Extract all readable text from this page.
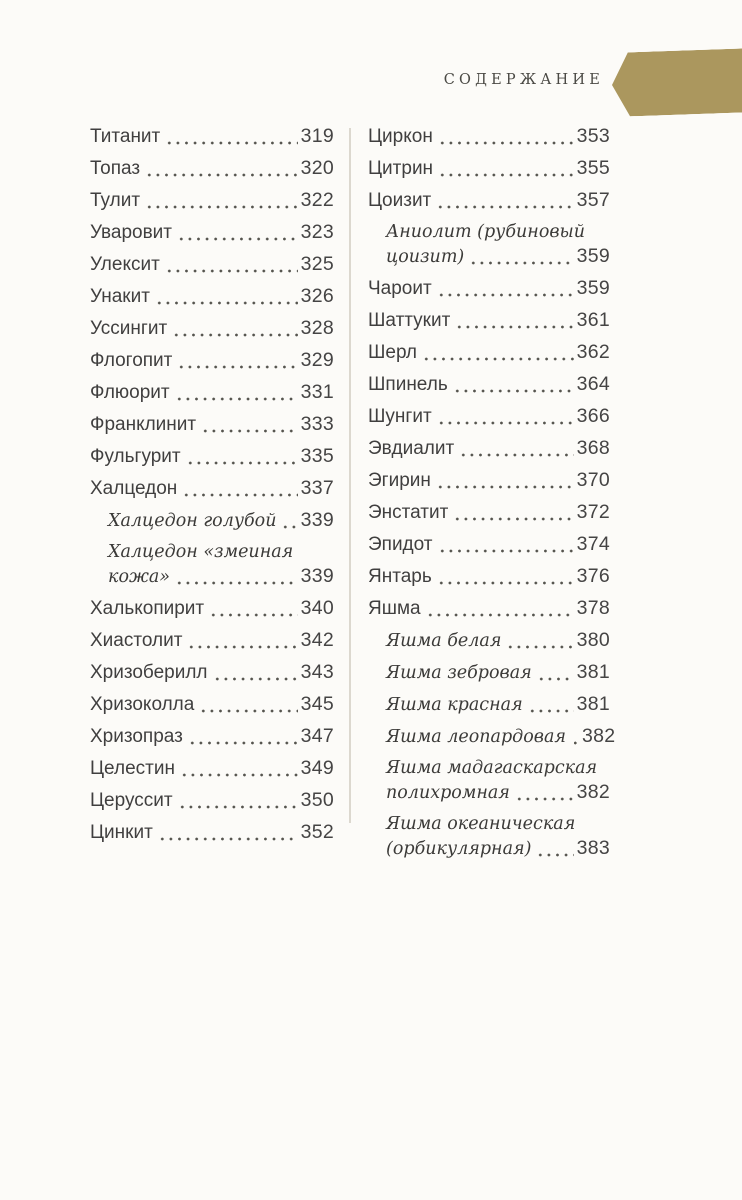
СОДЕРЖАНИЕ
Титанит	319
Топаз	320
Тулит	322
Уваровит	323
Улексит	325
Унакит	326
Уссингит	328
Флогопит	329
Флюорит	331
Франклинит	333
Фульгурит	335
Халцедон	337
Халцедон голубой 339
Халцедон «змеиная
кожа»	339
Халькопирит	340
Хиастолит	342
Хризоберилл	343
Хризоколла	345
Хризопраз	347
Целестин	349
Церуссит	350
Цинкит	352
Циркон	353
Цитрин	355
Цоизит	357
Аниолит (рубиновый
цоизит)	359
Чароит	359
Шаттукит	361
Шерл	362
Шпинель	364
Шунгит	366
Эвдиалит	368
Эгирин	370
Энстатит	372
Эпидот	374
Янтарь	376
Яшма	378
Яшма белая	380
Яшма зебровая 381
Яшма красная	381
Яшма леопардовая 382
Яшма мадагаскарская
полихромная	382
Яшма океаническая
(орбикулярная) 383
